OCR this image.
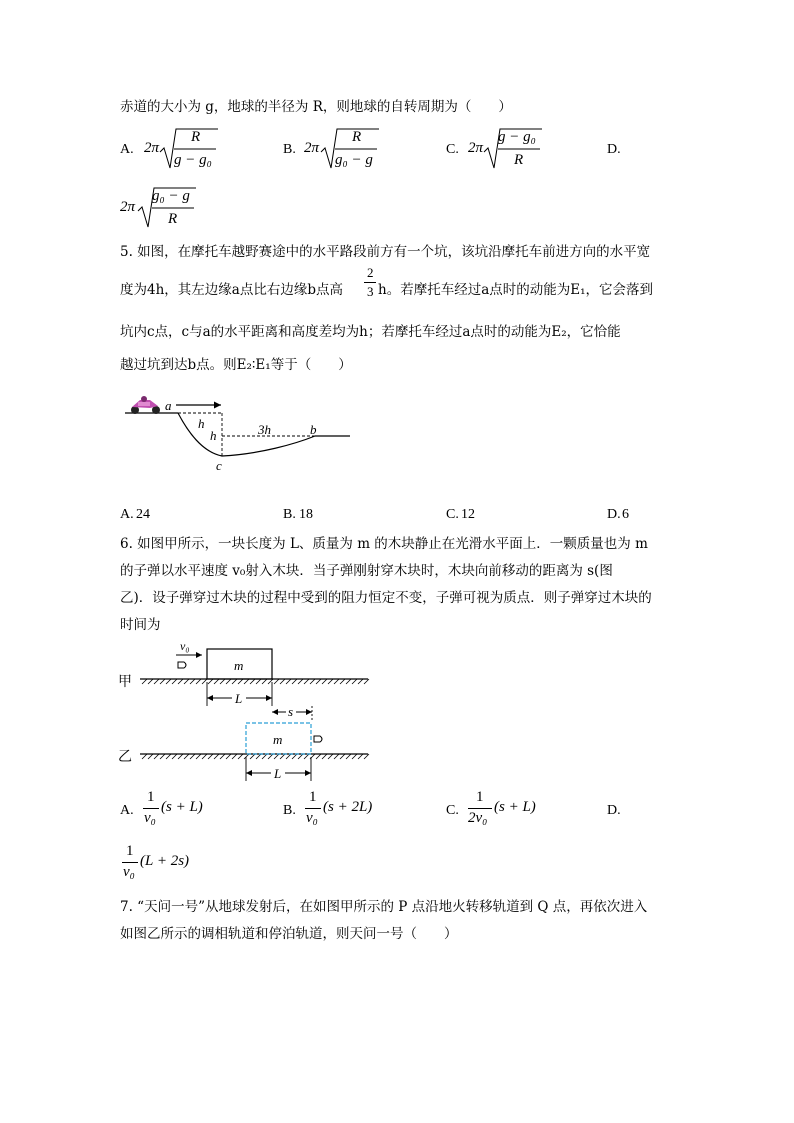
赤道的大小为 g，地球的半径为 R，则地球的自转周期为（　　）
A. 2π
R
g − g₀
B. 2π
R
g₀ − g
C. 2π
g − g₀
R
D.
2π
g₀ − g
R
5. 如图，在摩托车越野赛途中的水平路段前方有一个坑，该坑沿摩托车前进方向的水平宽
度为4h，其左边缘a点比右边缘b点高
2
3 h。若摩托车经过a点时的动能为E₁，它会落到
坑内c点，c与a的水平距离和高度差均为h；若摩托车经过a点时的动能为E₂，它恰能
越过坑到达b点。则E₂∶E₁等于（　　）
a
h
h	3h	b
c
A. 24	B. 18	C. 12	D. 6
6. 如图甲所示，一块长度为 L、质量为 m 的木块静止在光滑水平面上．一颗质量也为 m
的子弹以水平速度 v₀射入木块．当子弹刚射穿木块时，木块向前移动的距离为 s(图
乙)．设子弹穿过木块的过程中受到的阻力恒定不变，子弹可视为质点．则子弹穿过木块的
时间为
甲
m
v₀
L
s
乙
m
L
A.
1
v₀
(s + L)	B.
1
v₀
(s + 2L)	C.
1
2v₀
(s + L)	D.
1
v₀
(L + 2s)
7. “天问一号”从地球发射后，在如图甲所示的 P 点沿地火转移轨道到 Q 点，再依次进入
如图乙所示的调相轨道和停泊轨道，则天问一号（　　）
